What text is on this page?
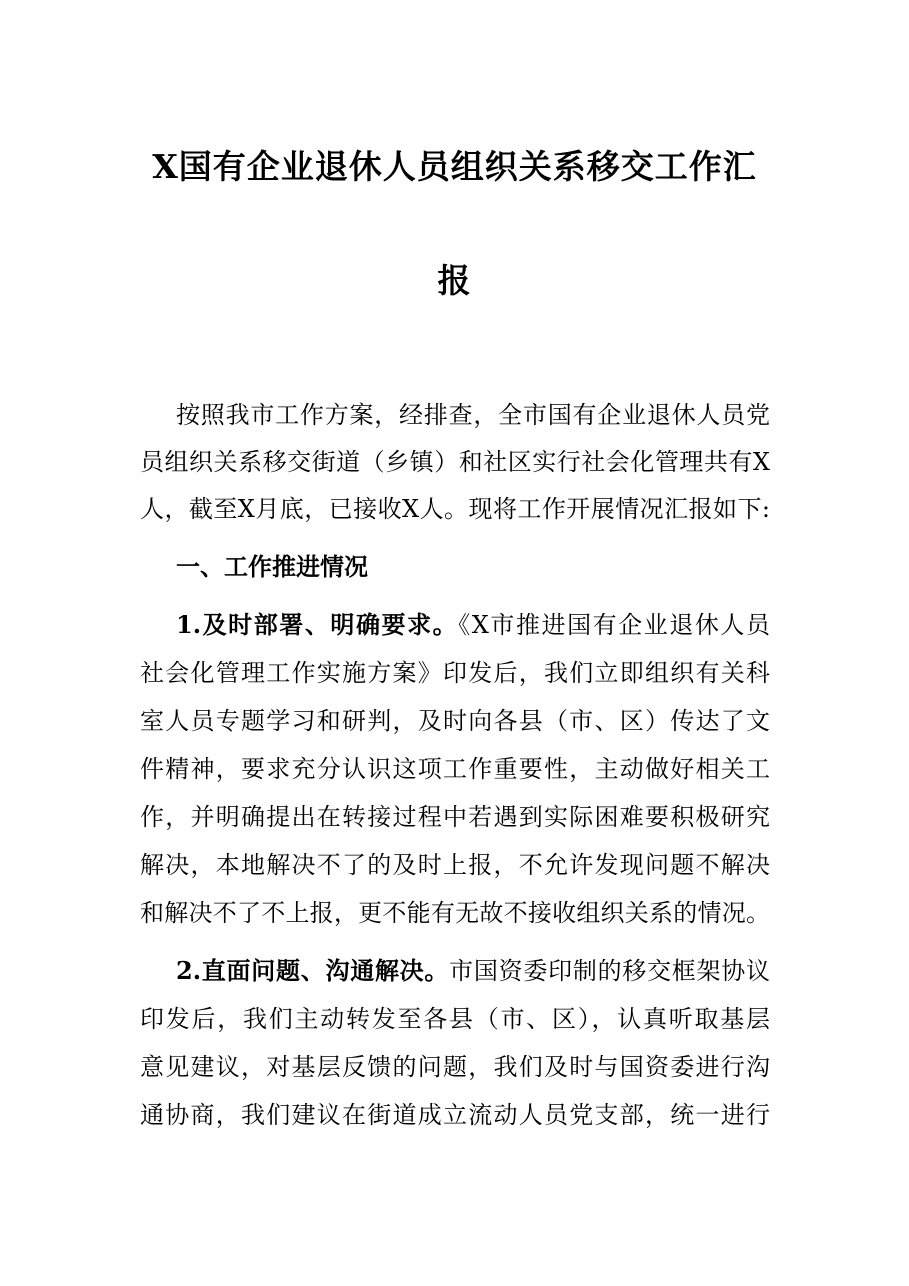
X国有企业退休人员组织关系移交工作汇
报
按照我市工作方案，经排查，全市国有企业退休人员党
员组织关系移交街道（乡镇）和社区实行社会化管理共有X
人，截至X月底，已接收X人。现将工作开展情况汇报如下:
一、工作推进情况
1.及时部署、明确要求。《X市推进国有企业退休人员
社会化管理工作实施方案》印发后，我们立即组织有关科
室人员专题学习和研判，及时向各县（市、区）传达了文
件精神，要求充分认识这项工作重要性，主动做好相关工
作，并明确提出在转接过程中若遇到实际困难要积极研究
解决，本地解决不了的及时上报，不允许发现问题不解决
和解决不了不上报，更不能有无故不接收组织关系的情况。
2.直面问题、沟通解决。市国资委印制的移交框架协议
印发后，我们主动转发至各县（市、区），认真听取基层
意见建议，对基层反馈的问题，我们及时与国资委进行沟
通协商，我们建议在街道成立流动人员党支部，统一进行
